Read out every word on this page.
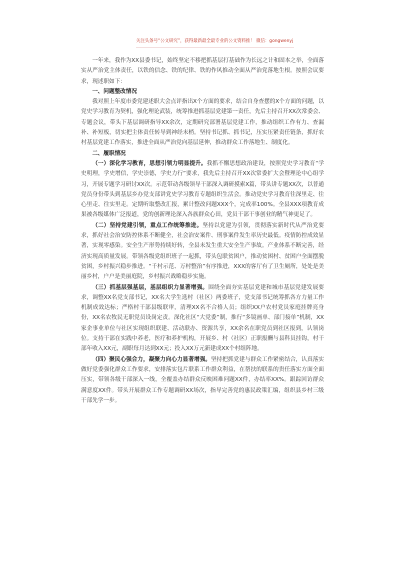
关注头条号“公文研究”，获得最新最全最专业的公文资料推！ 微信：gongwenyj

一年来，我作为XX县委书记，始终坚定不移把抓基层打基础作为长远之计和固本之举，全面落实从严治党主体责任，以铁的信念、铁的纪律、铁的作风推动全面从严治党落地生根。按照会议要求，现述职如下：

一、问题整改情况

我对照上年度市委党建述职大会点评指出X个方面的要求，结合自身查摆的X个方面的问题，以党史学习教育为契机，强化理论武装，统筹推进抓基层党建第一责任，先后主持召开XX次常委会、专题会议，带头下基层调研指导XX余次，定期研究部署基层党建工作，推动组织工作有力、查漏补、补短板，切实把主体责任转导到神经末梢。坚持书记抓、抓书记，压实压紧责任链条，抓好农村基层党建工作落实，推进全面从严治党向基层延伸，推动群众工作落地生、制度化。

二、履职情况

（一）深化学习教育，思想引领力明显提升。我抓不懈思想政治建设，按照党史学习教育“学史明理，学史增信，学史崇德，学史力行”要求，我先后主持召开XX次常委扩大会暨理论中心组学习，开展专题学习研讨XX次。示范带动各级领导干部深入调研摸索X篇，带头讲专题XX次，以普通党员身份带头到基层乡办党支部讲党史学习教育专题组织生活会。推动党史学习教育往深里走、往心里走、往实里走。定期听取整改汇报，累计整改问题XXX个，完成率100%。全县XXX项教育成果被各级媒体广泛报道，党的创新理论深入各族群众心田，党员干部干事创业的精气神更足了。

（二）坚持党建引领，重点工作统筹推进。坚持以党建为引领，贯彻落实新时代从严治党要求，抓好社会治安防控体系不断健全，社会治安案件、刑事案件发生率历史最低。疫情防控成效显著，实现零感染。安全生产形势持续好转，全县未发生重大安全生产事故。产业体系不断完善，经济实现高质量发展。带领各级党组织班子一起抓，带头包联贫困户，推动贫困村、贫困户全面摆脱贫困，乡村振兴稳步推进。“千村示范、万村整治”有序推进，XXX的客厅有了卫生厕所，处处是美丽乡村，户户是美丽庭院，乡村振兴战略稳步实施。

（三）抓基层强基层，基层组织力显著增强。围绕全面夯实基层党建和城市基层党建发展要求，调整XX名党支部书记，XX名大学生选村（社区）两委班子，党支部书记统筹抓各方力量工作机制成效达标；严格村干部县级联审，清理XX名不合格人员；组织XX户农村党员家庭挂牌亮身份，XX名农牧民无职党员设岗定责。深化社区“大党委”制，推行“多镜画单、部门接单”机制，XX家企事业单位与社区实现组织联建、活动联办、资源共享，XX余名在职党员到社区报到，认领岗位。支持干部在实践中养老，医疗和养护机构，开展乡、村（社区）正职报酬与县科员挂钩，村干部年收入XX元，副职每月达到XX元；投入XX万元新建成XX个村组阵地。

（四）聚民心强合力，凝聚力向心力显著增强。坚持把抓党建与群众工作紧密结合，认真落实做好党委强化群众工作要求，安排落实包片联系工作群众利益，在帮扶的联系的贵任落实方面全面压实，带领各级干部深入一线，全覆盖办结群众反映困难问题XX件，办结率XX%。跟踪回访群众满意度XX件。带头开展群众工作专题调研XX场次，指导完善党的惠民政策汇编，组织县乡村三级干部先学一步。
